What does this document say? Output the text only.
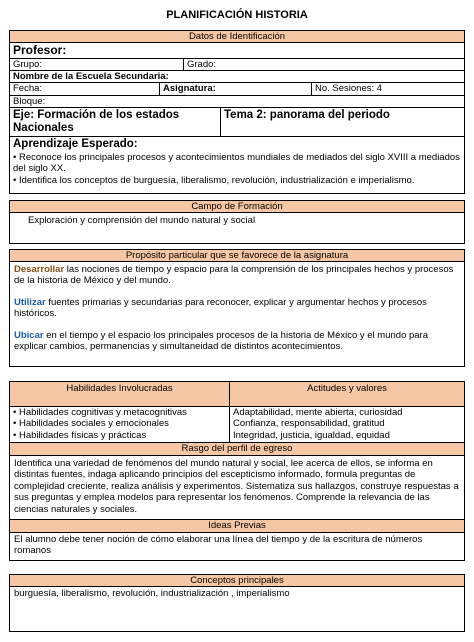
PLANIFICACIÓN HISTORIA
Datos de Identificación
Profesor:
Grupo:	Grado:
Nombre de la Escuela Secundaria:
Fecha:	Asignatura:	No. Sesiones: 4
Bloque:
Eje: Formación de los estados Nacionales
Tema 2: panorama del periodo
Aprendizaje Esperado:
• Reconoce los principales procesos y acontecimientos mundiales de mediados del siglo XVIII a mediados del siglo XX.
• Identifica los conceptos de burguesía, liberalismo, revolución, industrialización e imperialismo.
Campo de Formación
Exploración y comprensión del mundo natural y social
Propósito particular que se favorece de la asignatura

Desarrollar las nociones de tiempo y espacio para la comprensión de los principales hechos y procesos de la historia de México y del mundo.

Utilizar fuentes primarias y secundarias para reconocer, explicar y argumentar hechos y procesos históricos.

Ubicar en el tiempo y el espacio los principales procesos de la historia de México y el mundo para explicar cambios, permanencias y simultaneidad de distintos acontecimientos.

Habilidades Involucradas	Actitudes y valores
• Habilidades cognitivas y metacognitivas
• Habilidades sociales y emocionales
• Habilidades físicas y prácticas
Adaptabilidad, mente abierta, curiosidad
Confianza, responsabilidad, gratitud
Integridad, justicia, igualdad, equidad
Rasgo del perfil de egreso
Identifica una variedad de fenómenos del mundo natural y social, lee acerca de ellos, se informa en distintas fuentes, indaga aplicando principios del escepticismo informado, formula preguntas de complejidad creciente, realiza análisis y experimentos. Sistematiza sus hallazgos, construye respuestas a sus preguntas y emplea modelos para representar los fenómenos. Comprende la relevancia de las ciencias naturales y sociales.
Ideas Previas
El alumno debe tener noción de cómo elaborar una línea del tiempo y de la escritura de números romanos
Conceptos principales
burguesía, liberalismo, revolución, industrialización , imperialismo
